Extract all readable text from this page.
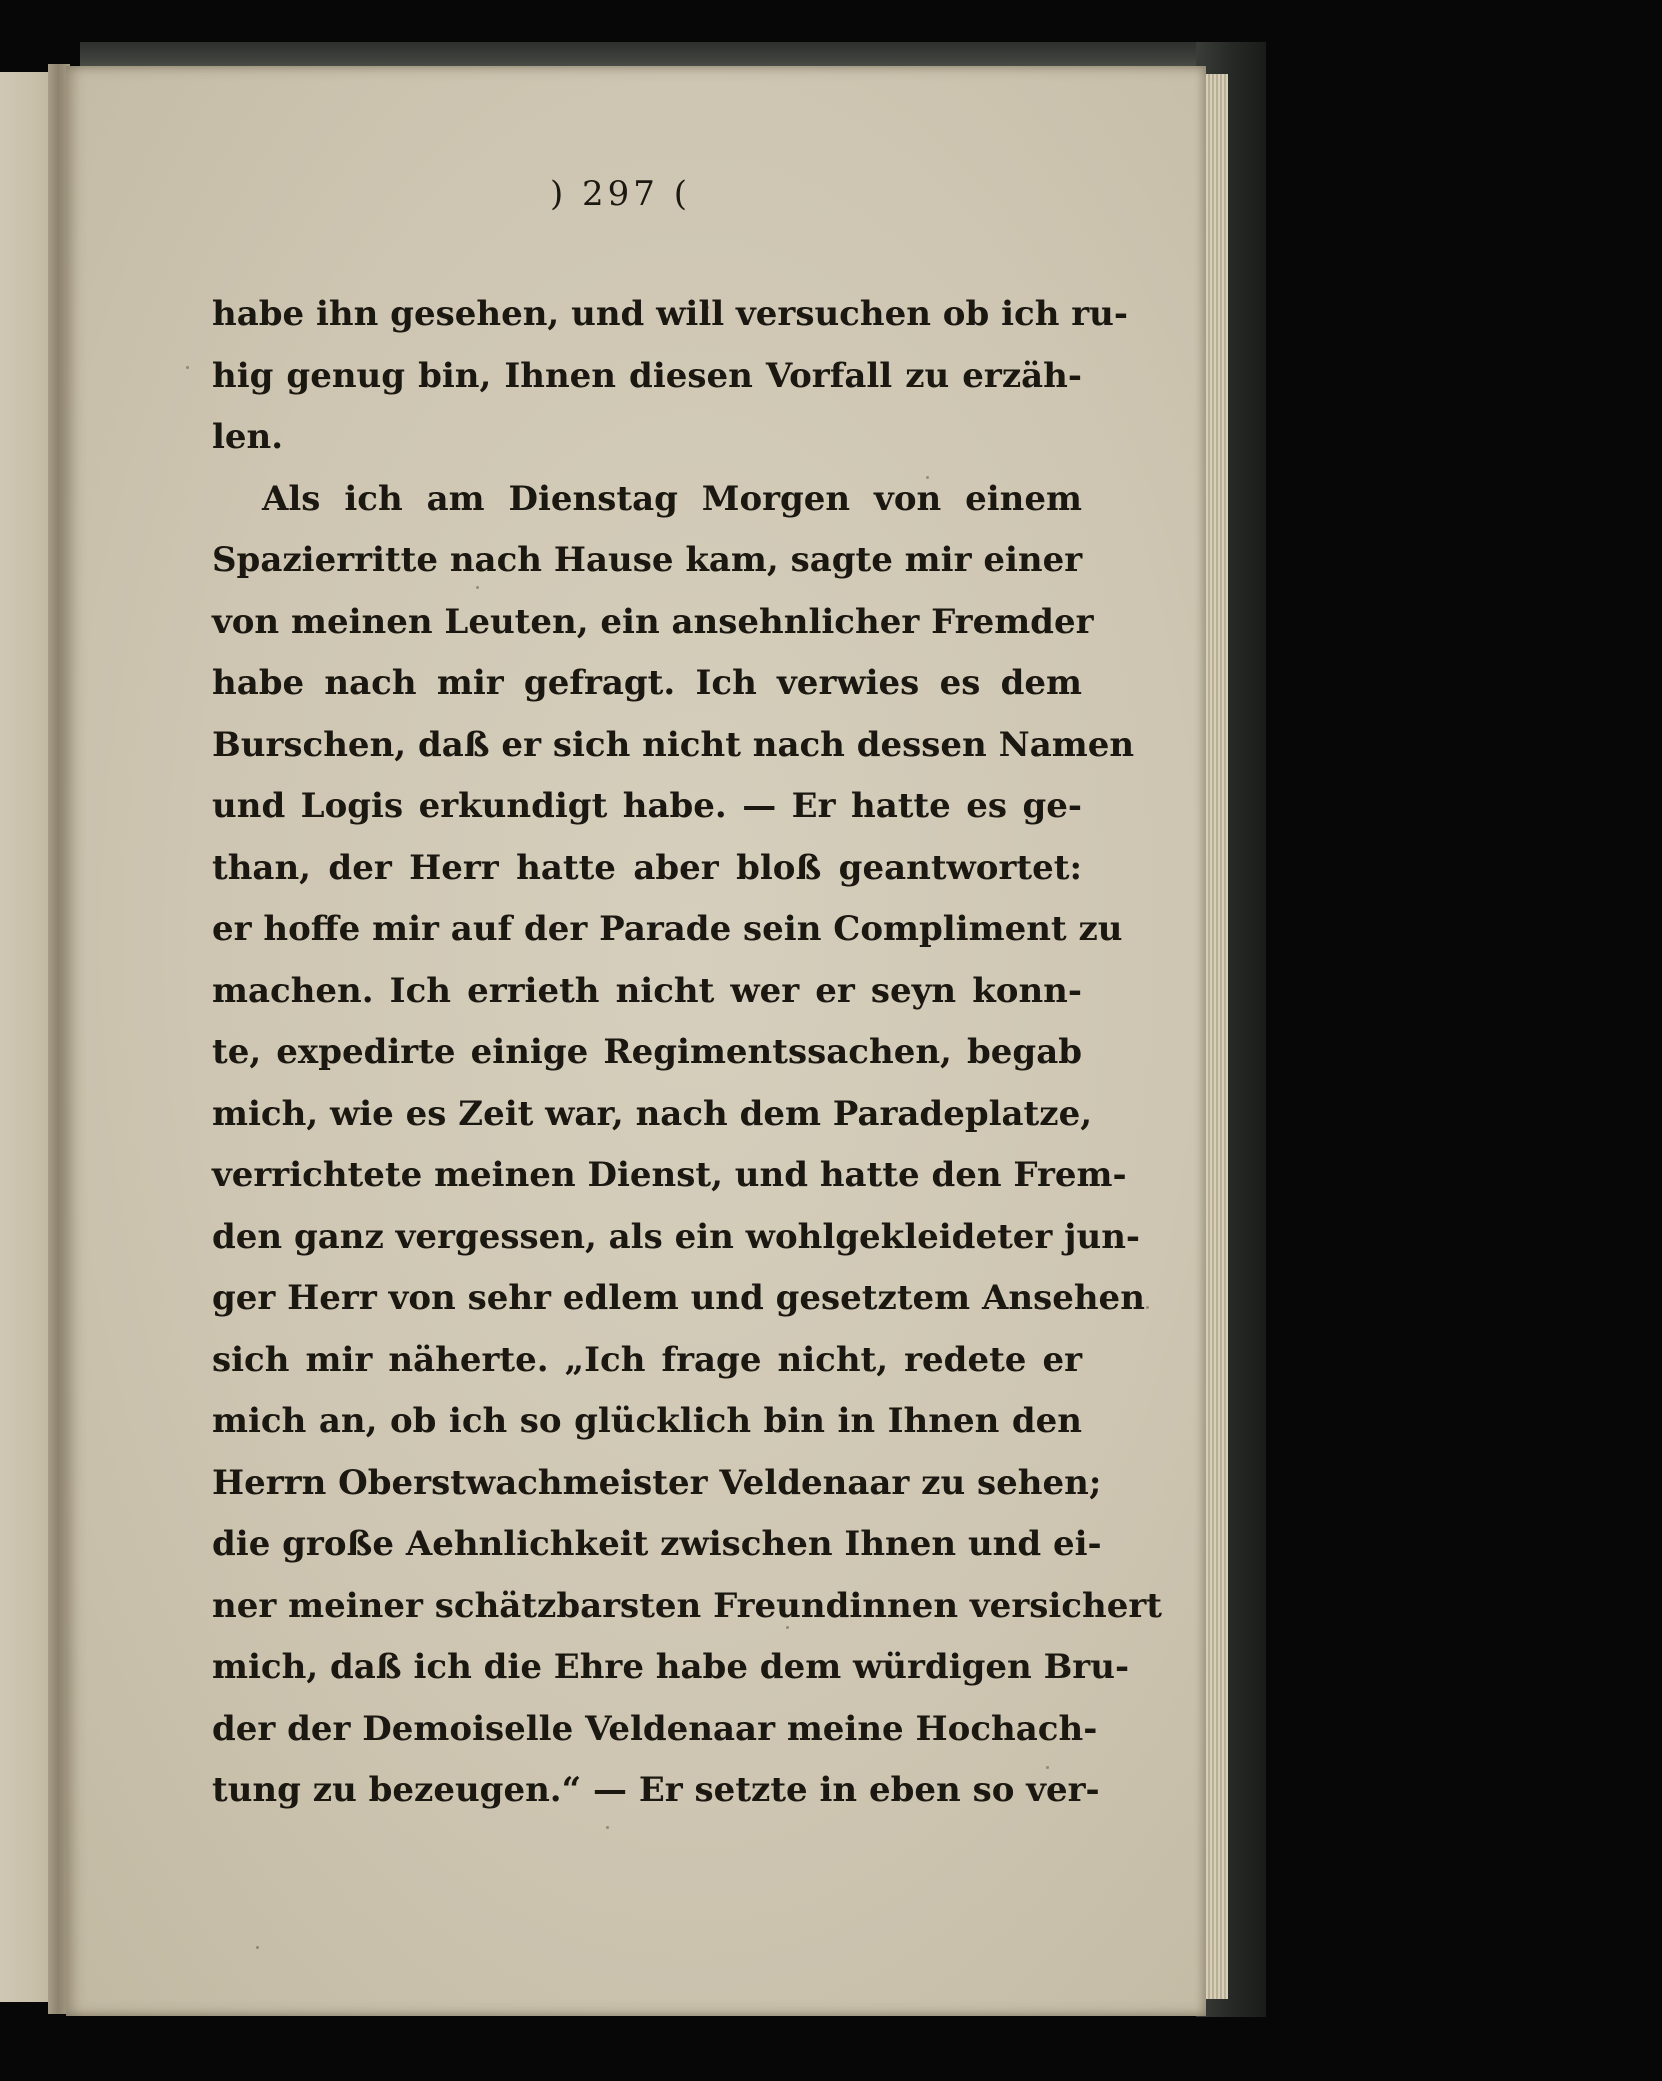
) 297 (
habe ihn gesehen, und will versuchen ob ich ru-
hig genug bin, Ihnen diesen Vorfall zu erzäh-
len.
Als ich am Dienstag Morgen von einem
Spazierritte nach Hause kam, sagte mir einer
von meinen Leuten, ein ansehnlicher Fremder
habe nach mir gefragt. Ich verwies es dem
Burschen, daß er sich nicht nach dessen Namen
und Logis erkundigt habe. — Er hatte es ge-
than, der Herr hatte aber bloß geantwortet:
er hoffe mir auf der Parade sein Compliment zu
machen. Ich errieth nicht wer er seyn konn-
te, expedirte einige Regimentssachen, begab
mich, wie es Zeit war, nach dem Paradeplatze,
verrichtete meinen Dienst, und hatte den Frem-
den ganz vergessen, als ein wohlgekleideter jun-
ger Herr von sehr edlem und gesetztem Ansehen
sich mir näherte. „Ich frage nicht, redete er
mich an, ob ich so glücklich bin in Ihnen den
Herrn Oberstwachmeister Veldenaar zu sehen;
die große Aehnlichkeit zwischen Ihnen und ei-
ner meiner schätzbarsten Freundinnen versichert
mich, daß ich die Ehre habe dem würdigen Bru-
der der Demoiselle Veldenaar meine Hochach-
tung zu bezeugen.“ — Er setzte in eben so ver-
